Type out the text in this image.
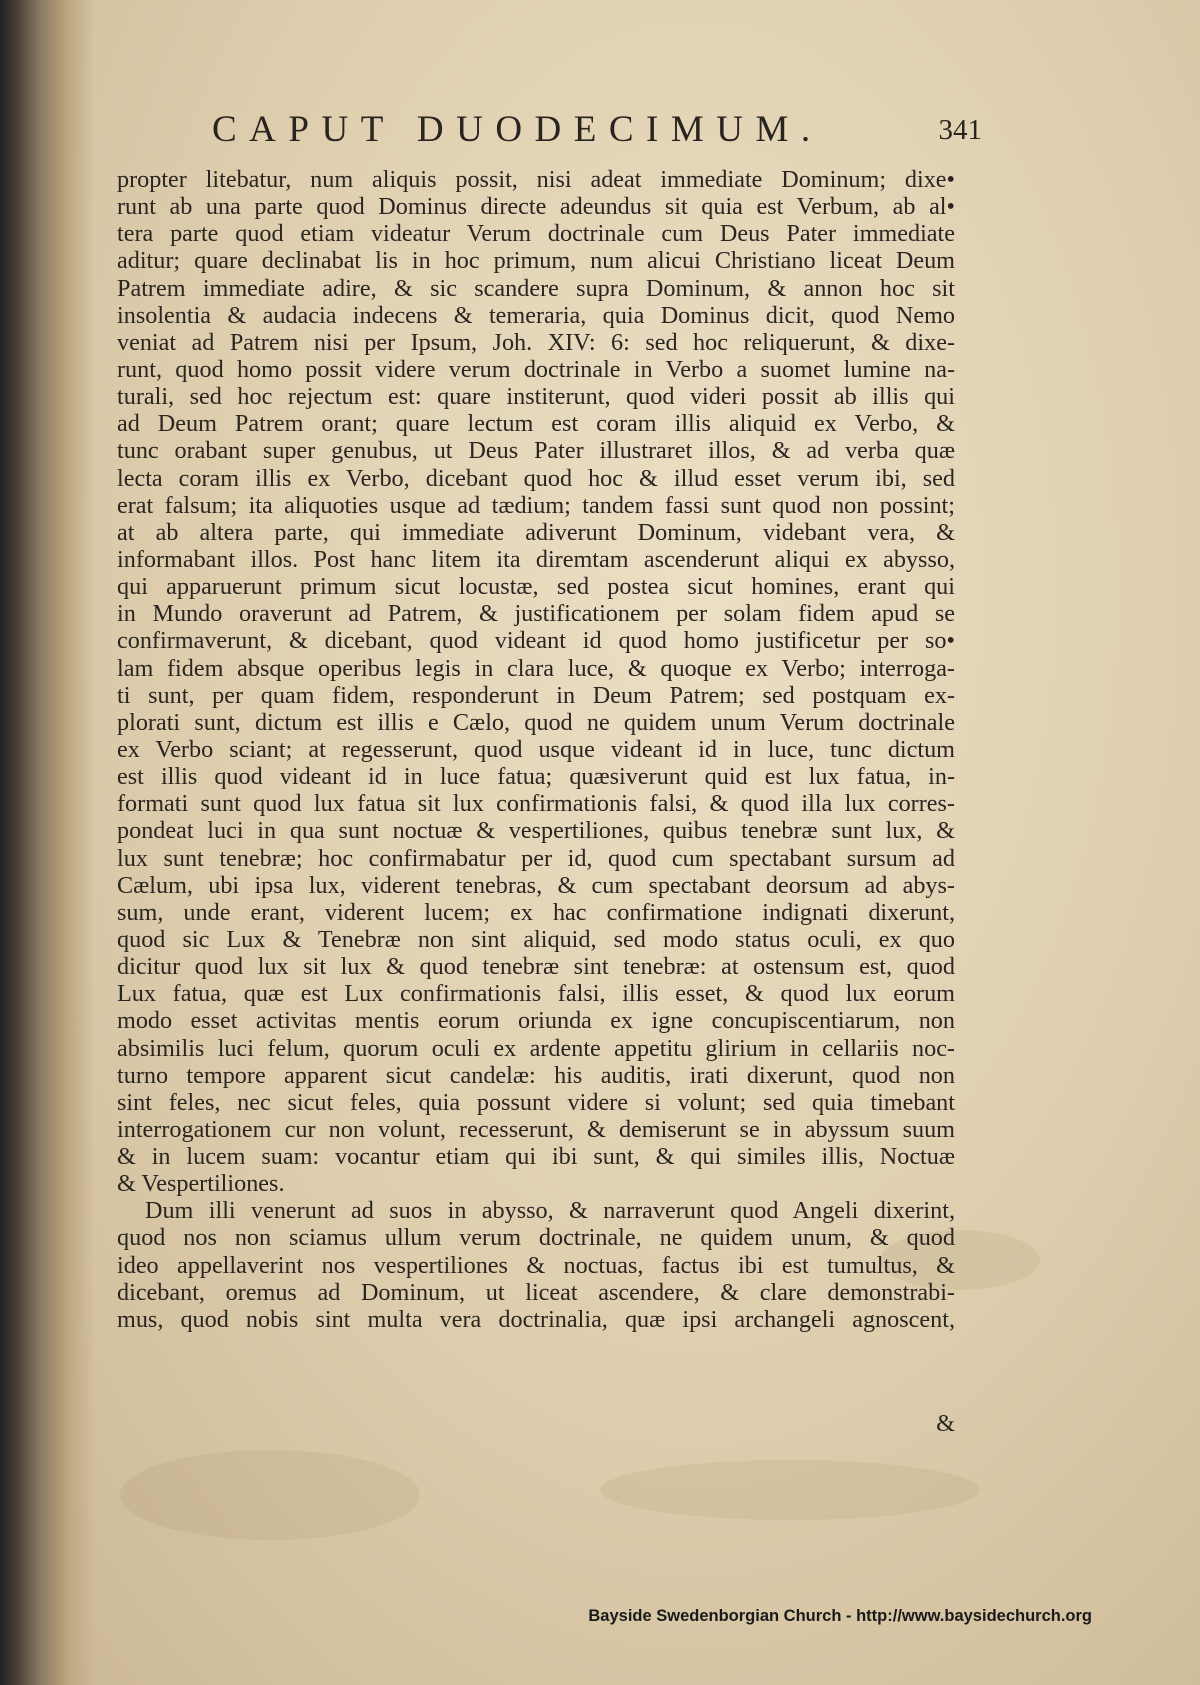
CAPUT DUODECIMUM.	341
propter litebatur, num aliquis possit, nisi adeat immediate Dominum; dixe•
runt ab una parte quod Dominus directe adeundus sit quia est Verbum, ab al•
tera parte quod etiam videatur Verum doctrinale cum Deus Pater immediate
aditur; quare declinabat lis in hoc primum, num alicui Christiano liceat Deum
Patrem immediate adire, & sic scandere supra Dominum, & annon hoc sit
insolentia & audacia indecens & temeraria, quia Dominus dicit, quod Nemo
veniat ad Patrem nisi per Ipsum, Joh. XIV: 6: sed hoc reliquerunt, & dixe-
runt, quod homo possit videre verum doctrinale in Verbo a suomet lumine na-
turali, sed hoc rejectum est: quare institerunt, quod videri possit ab illis qui
ad Deum Patrem orant; quare lectum est coram illis aliquid ex Verbo, &
tunc orabant super genubus, ut Deus Pater illustraret illos, & ad verba quæ
lecta coram illis ex Verbo, dicebant quod hoc & illud esset verum ibi, sed
erat falsum; ita aliquoties usque ad tædium; tandem fassi sunt quod non possint;
at ab altera parte, qui immediate adiverunt Dominum, videbant vera, &
informabant illos. Post hanc litem ita diremtam ascenderunt aliqui ex abysso,
qui apparuerunt primum sicut locustæ, sed postea sicut homines, erant qui
in Mundo oraverunt ad Patrem, & justificationem per solam fidem apud se
confirmaverunt, & dicebant, quod videant id quod homo justificetur per so•
lam fidem absque operibus legis in clara luce, & quoque ex Verbo; interroga-
ti sunt, per quam fidem, responderunt in Deum Patrem; sed postquam ex-
plorati sunt, dictum est illis e Cælo, quod ne quidem unum Verum doctrinale
ex Verbo sciant; at regesserunt, quod usque videant id in luce, tunc dictum
est illis quod videant id in luce fatua; quæsiverunt quid est lux fatua, in-
formati sunt quod lux fatua sit lux confirmationis falsi, & quod illa lux corres-
pondeat luci in qua sunt noctuæ & vespertiliones, quibus tenebræ sunt lux, &
lux sunt tenebræ; hoc confirmabatur per id, quod cum spectabant sursum ad
Cælum, ubi ipsa lux, viderent tenebras, & cum spectabant deorsum ad abys-
sum, unde erant, viderent lucem; ex hac confirmatione indignati dixerunt,
quod sic Lux & Tenebræ non sint aliquid, sed modo status oculi, ex quo
dicitur quod lux sit lux & quod tenebræ sint tenebræ: at ostensum est, quod
Lux fatua, quæ est Lux confirmationis falsi, illis esset, & quod lux eorum
modo esset activitas mentis eorum oriunda ex igne concupiscentiarum, non
absimilis luci felum, quorum oculi ex ardente appetitu glirium in cellariis noc-
turno tempore apparent sicut candelæ: his auditis, irati dixerunt, quod non
sint feles, nec sicut feles, quia possunt videre si volunt; sed quia timebant
interrogationem cur non volunt, recesserunt, & demiserunt se in abyssum suum
& in lucem suam: vocantur etiam qui ibi sunt, & qui similes illis, Noctuæ
& Vespertiliones.
Dum illi venerunt ad suos in abysso, & narraverunt quod Angeli dixerint,
quod nos non sciamus ullum verum doctrinale, ne quidem unum, & quod
ideo appellaverint nos vespertiliones & noctuas, factus ibi est tumultus, &
dicebant, oremus ad Dominum, ut liceat ascendere, & clare demonstrabi-
mus, quod nobis sint multa vera doctrinalia, quæ ipsi archangeli agnoscent,
&
Bayside Swedenborgian Church - http://www.baysidechurch.org
